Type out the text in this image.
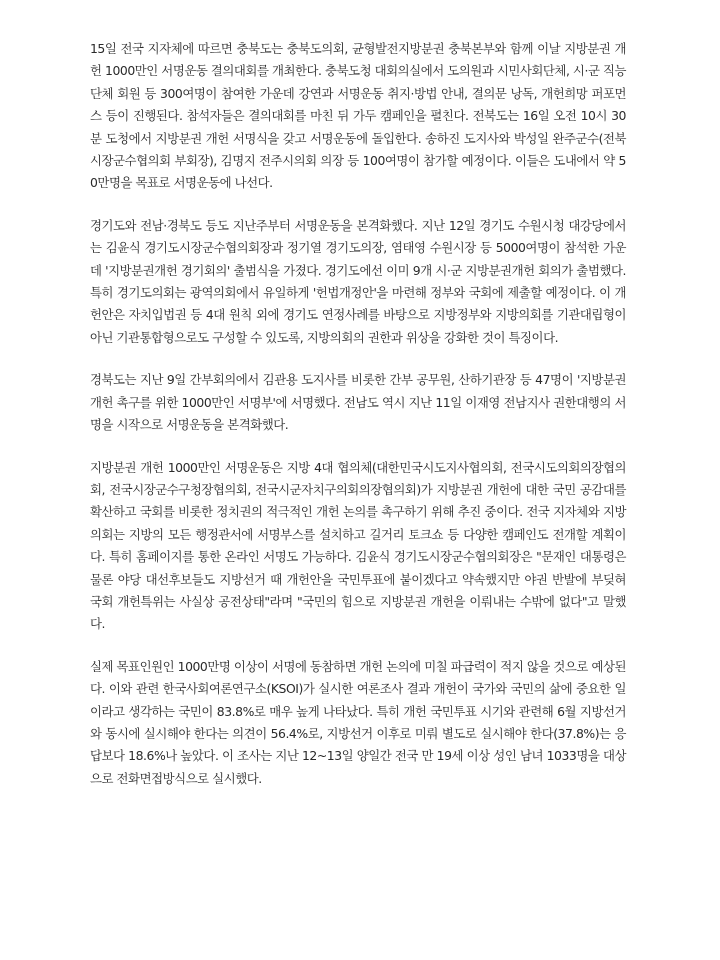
15일 전국 지자체에 따르면 충북도는 충북도의회, 균형발전지방분권 충북본부와 함께 이날 지방분권 개헌 1000만인 서명운동 결의대회를 개최한다. 충북도청 대회의실에서 도의원과 시민사회단체, 시·군 직능단체 회원 등 300여명이 참여한 가운데 강연과 서명운동 취지·방법 안내, 결의문 낭독, 개헌희망 퍼포먼스 등이 진행된다. 참석자들은 결의대회를 마친 뒤 가두 캠페인을 펼친다. 전북도는 16일 오전 10시 30분 도청에서 지방분권 개헌 서명식을 갖고 서명운동에 돌입한다. 송하진 도지사와 박성일 완주군수(전북시장군수협의회 부회장), 김명지 전주시의회 의장 등 100여명이 참가할 예정이다. 이들은 도내에서 약 50만명을 목표로 서명운동에 나선다.

경기도와 전남·경북도 등도 지난주부터 서명운동을 본격화했다. 지난 12일 경기도 수원시청 대강당에서는 김윤식 경기도시장군수협의회장과 정기열 경기도의장, 염태영 수원시장 등 5000여명이 참석한 가운데 '지방분권개헌 경기회의' 출범식을 가졌다. 경기도에선 이미 9개 시·군 지방분권개헌 회의가 출범했다. 특히 경기도의회는 광역의회에서 유일하게 '헌법개정안'을 마련해 정부와 국회에 제출할 예정이다. 이 개헌안은 자치입법권 등 4대 원칙 외에 경기도 연정사례를 바탕으로 지방정부와 지방의회를 기관대립형이 아닌 기관통합형으로도 구성할 수 있도록, 지방의회의 권한과 위상을 강화한 것이 특징이다.

경북도는 지난 9일 간부회의에서 김관용 도지사를 비롯한 간부 공무원, 산하기관장 등 47명이 '지방분권 개헌 촉구를 위한 1000만인 서명부'에 서명했다. 전남도 역시 지난 11일 이재영 전남지사 권한대행의 서명을 시작으로 서명운동을 본격화했다.

지방분권 개헌 1000만인 서명운동은 지방 4대 협의체(대한민국시도지사협의회, 전국시도의회의장협의회, 전국시장군수구청장협의회, 전국시군자치구의회의장협의회)가 지방분권 개헌에 대한 국민 공감대를 확산하고 국회를 비롯한 정치권의 적극적인 개헌 논의를 촉구하기 위해 추진 중이다. 전국 지자체와 지방의회는 지방의 모든 행정관서에 서명부스를 설치하고 길거리 토크쇼 등 다양한 캠페인도 전개할 계획이다. 특히 홈페이지를 통한 온라인 서명도 가능하다. 김윤식 경기도시장군수협의회장은 "문재인 대통령은 물론 야당 대선후보들도 지방선거 때 개헌안을 국민투표에 붙이겠다고 약속했지만 야권 반발에 부딪혀 국회 개헌특위는 사실상 공전상태"라며 "국민의 힘으로 지방분권 개헌을 이뤄내는 수밖에 없다"고 말했다.

실제 목표인원인 1000만명 이상이 서명에 동참하면 개헌 논의에 미칠 파급력이 적지 않을 것으로 예상된다. 이와 관련 한국사회여론연구소(KSOI)가 실시한 여론조사 결과 개헌이 국가와 국민의 삶에 중요한 일이라고 생각하는 국민이 83.8%로 매우 높게 나타났다. 특히 개헌 국민투표 시기와 관련해 6월 지방선거와 동시에 실시해야 한다는 의견이 56.4%로, 지방선거 이후로 미뤄 별도로 실시해야 한다(37.8%)는 응답보다 18.6%나 높았다. 이 조사는 지난 12~13일 양일간 전국 만 19세 이상 성인 남녀 1033명을 대상으로 전화면접방식으로 실시했다.
